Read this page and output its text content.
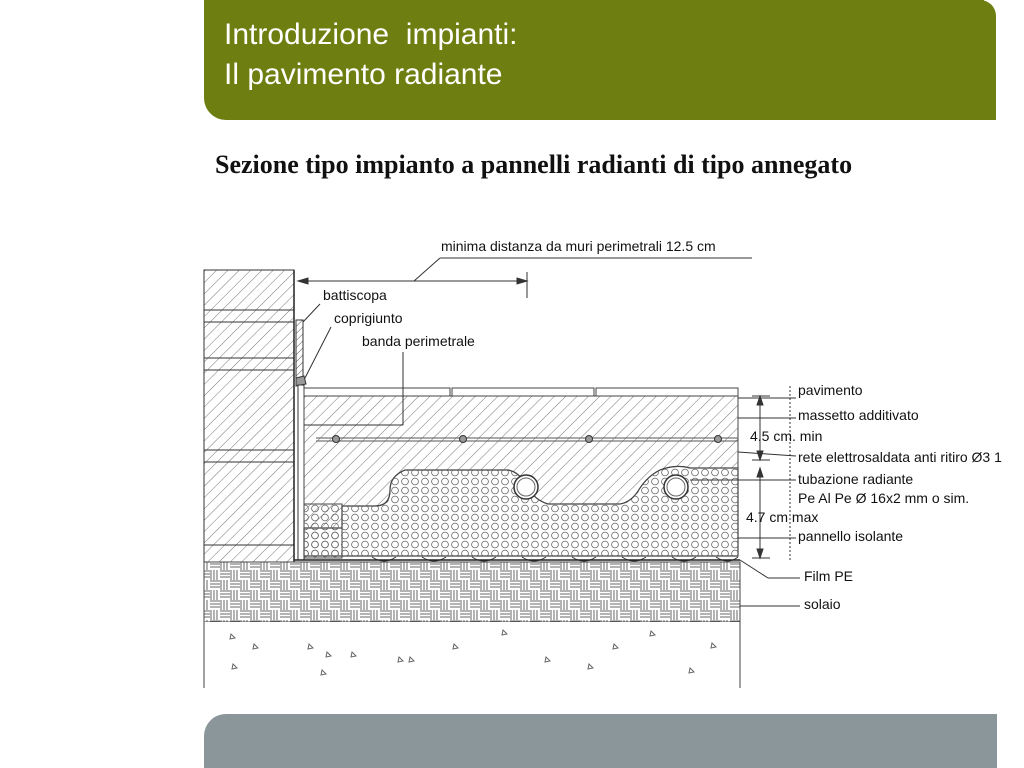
Introduzione  impianti:
Il pavimento radiante
Sezione tipo impianto a pannelli radianti di tipo annegato
minima distanza da muri perimetrali 12.5 cm
battiscopa
coprigiunto
banda perimetrale
pavimento
massetto additivato
4.5 cm. min
rete elettrosaldata anti ritiro Ø3 1
tubazione radiante
Pe Al Pe Ø 16x2 mm o sim.
4.7 cm max
pannello isolante
Film PE
solaio
